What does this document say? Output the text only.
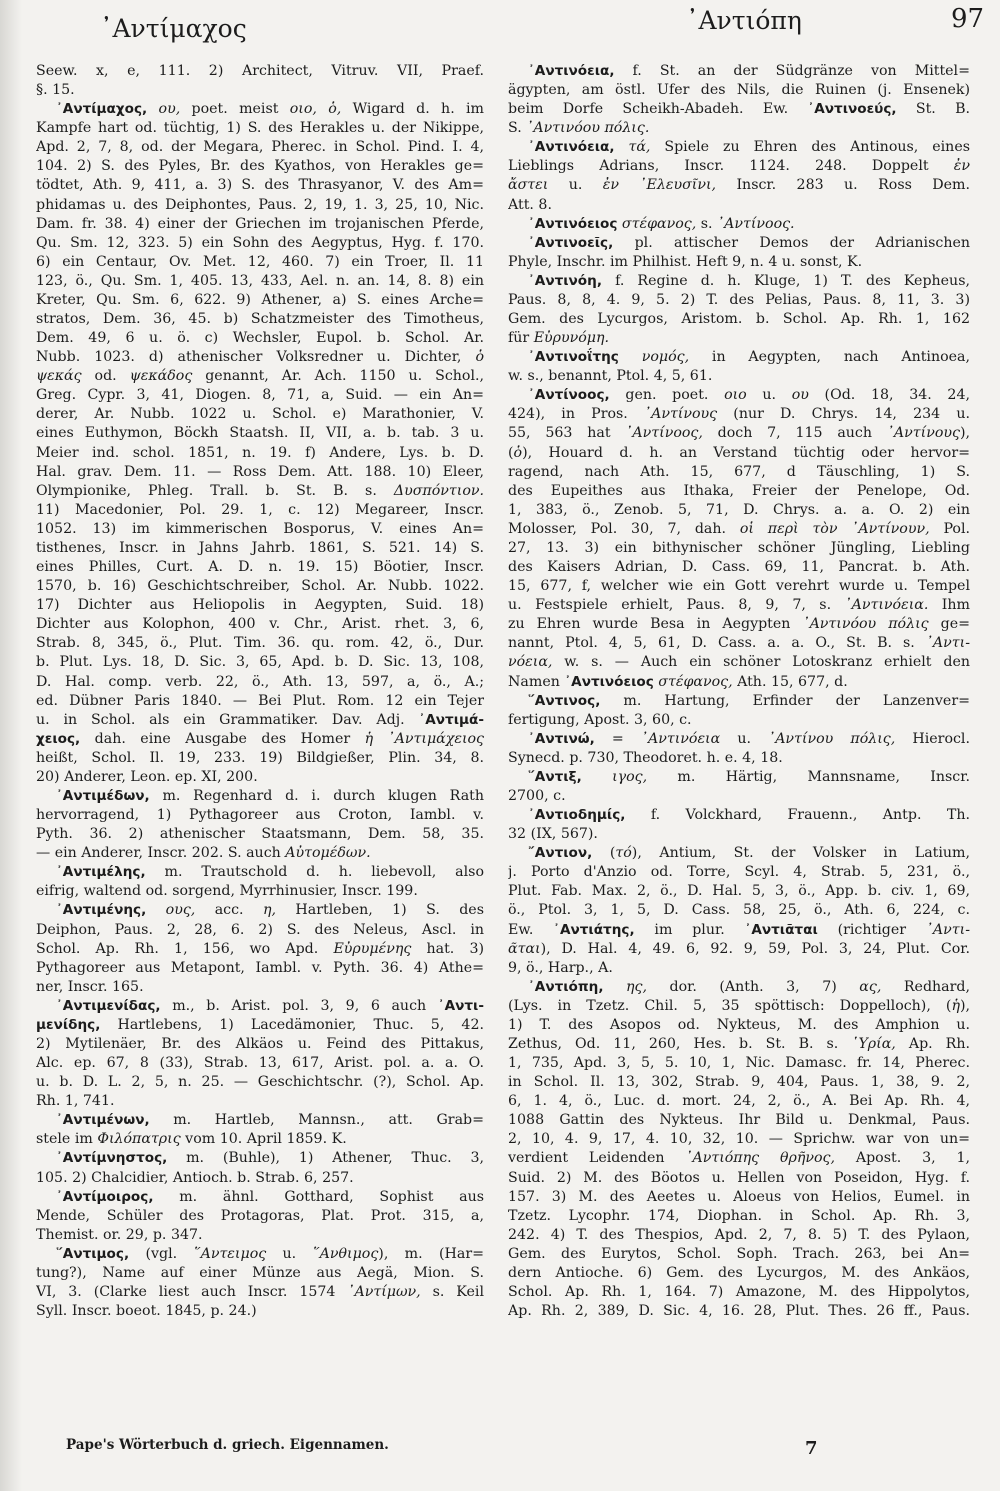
᾿Αντίμαχος	᾿Αντιόπη	97
Seew. x, e, 111. 2) Architect, Vitruv. VII, Praef.
§. 15.
᾿Αντίμαχος, ου, poet. meist οιο, ὁ, Wigard d. h. im
Kampfe hart od. tüchtig, 1) S. des Herakles u. der Nikippe,
Apd. 2, 7, 8, od. der Megara, Pherec. in Schol. Pind. I. 4,
104. 2) S. des Pyles, Br. des Kyathos, von Herakles ge=
tödtet, Ath. 9, 411, a. 3) S. des Thrasyanor, V. des Am=
phidamas u. des Deiphontes, Paus. 2, 19, 1. 3, 25, 10, Nic.
Dam. fr. 38. 4) einer der Griechen im trojanischen Pferde,
Qu. Sm. 12, 323. 5) ein Sohn des Aegyptus, Hyg. f. 170.
6) ein Centaur, Ov. Met. 12, 460. 7) ein Troer, Il. 11
123, ö., Qu. Sm. 1, 405. 13, 433, Ael. n. an. 14, 8. 8) ein
Kreter, Qu. Sm. 6, 622. 9) Athener, a) S. eines Arche=
stratos, Dem. 36, 45. b) Schatzmeister des Timotheus,
Dem. 49, 6 u. ö. c) Wechsler, Eupol. b. Schol. Ar.
Nubb. 1023. d) athenischer Volksredner u. Dichter, ὁ
ψεκάς od. ψεκάδος genannt, Ar. Ach. 1150 u. Schol.,
Greg. Cypr. 3, 41, Diogen. 8, 71, a, Suid. — ein An=
derer, Ar. Nubb. 1022 u. Schol. e) Marathonier, V.
eines Euthymon, Böckh Staatsh. II, VII, a. b. tab. 3 u.
Meier ind. schol. 1851, n. 19. f) Andere, Lys. b. D.
Hal. grav. Dem. 11. — Ross Dem. Att. 188. 10) Eleer,
Olympionike, Phleg. Trall. b. St. B. s. Δυσπόντιον.
11) Macedonier, Pol. 29. 1, c. 12) Megareer, Inscr.
1052. 13) im kimmerischen Bosporus, V. eines An=
tisthenes, Inscr. in Jahns Jahrb. 1861, S. 521. 14) S.
eines Philles, Curt. A. D. n. 19. 15) Böotier, Inscr.
1570, b. 16) Geschichtschreiber, Schol. Ar. Nubb. 1022.
17) Dichter aus Heliopolis in Aegypten, Suid. 18)
Dichter aus Kolophon, 400 v. Chr., Arist. rhet. 3, 6,
Strab. 8, 345, ö., Plut. Tim. 36. qu. rom. 42, ö., Dur.
b. Plut. Lys. 18, D. Sic. 3, 65, Apd. b. D. Sic. 13, 108,
D. Hal. comp. verb. 22, ö., Ath. 13, 597, a, ö., A.;
ed. Dübner Paris 1840. — Bei Plut. Rom. 12 ein Tejer
u. in Schol. als ein Grammatiker. Dav. Adj. ᾿Αντιμά-
χειος, dah. eine Ausgabe des Homer ἡ ᾿Αντιμάχειος
heißt, Schol. Il. 19, 233. 19) Bildgießer, Plin. 34, 8.
20) Anderer, Leon. ep. XI, 200.
᾿Αντιμέδων, m. Regenhard d. i. durch klugen Rath
hervorragend, 1) Pythagoreer aus Croton, Iambl. v.
Pyth. 36. 2) athenischer Staatsmann, Dem. 58, 35.
— ein Anderer, Inscr. 202. S. auch Αὐτομέδων.
᾿Αντιμέλης, m. Trautschold d. h. liebevoll, also
eifrig, waltend od. sorgend, Myrrhinusier, Inscr. 199.
᾿Αντιμένης, ους, acc. η, Hartleben, 1) S. des
Deiphon, Paus. 2, 28, 6. 2) S. des Neleus, Ascl. in
Schol. Ap. Rh. 1, 156, wo Apd. Εὐρυμένης hat. 3)
Pythagoreer aus Metapont, Iambl. v. Pyth. 36. 4) Athe=
ner, Inscr. 165.
᾿Αντιμενίδας, m., b. Arist. pol. 3, 9, 6 auch ᾿Αντι-
μενίδης, Hartlebens, 1) Lacedämonier, Thuc. 5, 42.
2) Mytilenäer, Br. des Alkäos u. Feind des Pittakus,
Alc. ep. 67, 8 (33), Strab. 13, 617, Arist. pol. a. a. O.
u. b. D. L. 2, 5, n. 25. — Geschichtschr. (?), Schol. Ap.
Rh. 1, 741.
᾿Αντιμένων, m. Hartleb, Mannsn., att. Grab=
stele im Φιλόπατρις vom 10. April 1859. K.
᾿Αντίμνηστος, m. (Buhle), 1) Athener, Thuc. 3,
105. 2) Chalcidier, Antioch. b. Strab. 6, 257.
᾿Αντίμοιρος, m. ähnl. Gotthard, Sophist aus
Mende, Schüler des Protagoras, Plat. Prot. 315, a,
Themist. or. 29, p. 347.
῞Αντιμος, (vgl. ῞Αντειμος u. ῞Ανθιμος), m. (Har=
tung?), Name auf einer Münze aus Aegä, Mion. S.
VI, 3. (Clarke liest auch Inscr. 1574 ᾿Αντίμων, s. Keil
Syll. Inscr. boeot. 1845, p. 24.)
᾿Αντινόεια, f. St. an der Südgränze von Mittel=
ägypten, am östl. Ufer des Nils, die Ruinen (j. Ensenek)
beim Dorfe Scheikh-Abadeh. Ew. ᾿Αντινοεύς, St. B.
S. ᾿Αντινόου πόλις.
᾿Αντινόεια, τά, Spiele zu Ehren des Antinous, eines
Lieblings Adrians, Inscr. 1124. 248. Doppelt ἐν
ἄστει u. ἐν ᾿Ελευσῖνι, Inscr. 283 u. Ross Dem.
Att. 8.
᾿Αντινόειος στέφανος, s. ᾿Αντίνοος.
᾿Αντινοεῖς, pl. attischer Demos der Adrianischen
Phyle, Inschr. im Philhist. Heft 9, n. 4 u. sonst, K.
᾿Αντινόη, f. Regine d. h. Kluge, 1) T. des Kepheus,
Paus. 8, 8, 4. 9, 5. 2) T. des Pelias, Paus. 8, 11, 3. 3)
Gem. des Lycurgos, Aristom. b. Schol. Ap. Rh. 1, 162
für Εὐρυνόμη.
᾿Αντινοΐτης νομός, in Aegypten, nach Antinoea,
w. s., benannt, Ptol. 4, 5, 61.
᾿Αντίνοος, gen. poet. οιο u. ου (Od. 18, 34. 24,
424), in Pros. ᾿Αντίνους (nur D. Chrys. 14, 234 u.
55, 563 hat ᾿Αντίνοος, doch 7, 115 auch ᾿Αντίνους),
(ὁ), Houard d. h. an Verstand tüchtig oder hervor=
ragend, nach Ath. 15, 677, d Täuschling, 1) S.
des Eupeithes aus Ithaka, Freier der Penelope, Od.
1, 383, ö., Zenob. 5, 71, D. Chrys. a. a. O. 2) ein
Molosser, Pol. 30, 7, dah. οἱ περὶ τὸν ᾿Αντίνουν, Pol.
27, 13. 3) ein bithynischer schöner Jüngling, Liebling
des Kaisers Adrian, D. Cass. 69, 11, Pancrat. b. Ath.
15, 677, f, welcher wie ein Gott verehrt wurde u. Tempel
u. Festspiele erhielt, Paus. 8, 9, 7, s. ᾿Αντινόεια. Ihm
zu Ehren wurde Besa in Aegypten ᾿Αντινόου πόλις ge=
nannt, Ptol. 4, 5, 61, D. Cass. a. a. O., St. B. s. ᾿Αντι-
νόεια, w. s. — Auch ein schöner Lotoskranz erhielt den
Namen ᾿Αντινόειος στέφανος, Ath. 15, 677, d.
῞Αντινος, m. Hartung, Erfinder der Lanzenver=
fertigung, Apost. 3, 60, c.
᾿Αντινώ, = ᾿Αντινόεια u. ᾿Αντίνου πόλις, Hierocl.
Synecd. p. 730, Theodoret. h. e. 4, 18.
῞Αντιξ, ιγος, m. Härtig, Mannsname, Inscr.
2700, c.
᾿Αντιοδημίς, f. Volckhard, Frauenn., Antp. Th.
32 (IX, 567).
῎Αντιον, (τό), Antium, St. der Volsker in Latium,
j. Porto d'Anzio od. Torre, Scyl. 4, Strab. 5, 231, ö.,
Plut. Fab. Max. 2, ö., D. Hal. 5, 3, ö., App. b. civ. 1, 69,
ö., Ptol. 3, 1, 5, D. Cass. 58, 25, ö., Ath. 6, 224, c.
Ew. ᾿Αντιάτης, im plur. ᾿Αντιᾶται (richtiger ᾿Αντι-
ᾶται), D. Hal. 4, 49. 6, 92. 9, 59, Pol. 3, 24, Plut. Cor.
9, ö., Harp., A.
᾿Αντιόπη, ης, dor. (Anth. 3, 7) ας, Redhard,
(Lys. in Tzetz. Chil. 5, 35 spöttisch: Doppelloch), (ἡ),
1) T. des Asopos od. Nykteus, M. des Amphion u.
Zethus, Od. 11, 260, Hes. b. St. B. s. ῾Υρία, Ap. Rh.
1, 735, Apd. 3, 5, 5. 10, 1, Nic. Damasc. fr. 14, Pherec.
in Schol. Il. 13, 302, Strab. 9, 404, Paus. 1, 38, 9. 2,
6, 1. 4, ö., Luc. d. mort. 24, 2, ö., A. Bei Ap. Rh. 4,
1088 Gattin des Nykteus. Ihr Bild u. Denkmal, Paus.
2, 10, 4. 9, 17, 4. 10, 32, 10. — Sprichw. war von un=
verdient Leidenden ᾿Αντιόπης θρῆνος, Apost. 3, 1,
Suid. 2) M. des Böotos u. Hellen von Poseidon, Hyg. f.
157. 3) M. des Aeetes u. Aloeus von Helios, Eumel. in
Tzetz. Lycophr. 174, Diophan. in Schol. Ap. Rh. 3,
242. 4) T. des Thespios, Apd. 2, 7, 8. 5) T. des Pylaon,
Gem. des Eurytos, Schol. Soph. Trach. 263, bei An=
dern Antioche. 6) Gem. des Lycurgos, M. des Ankäos,
Schol. Ap. Rh. 1, 164. 7) Amazone, M. des Hippolytos,
Ap. Rh. 2, 389, D. Sic. 4, 16. 28, Plut. Thes. 26 ff., Paus.
Pape's Wörterbuch d. griech. Eigennamen.	7
